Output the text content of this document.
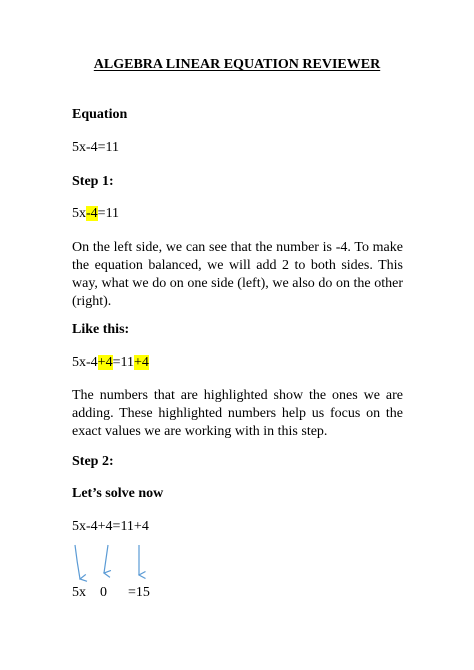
ALGEBRA LINEAR EQUATION REVIEWER

Equation

5x-4=11

Step 1:

5x-4=11

On the left side, we can see that the number is -4. To make the equation balanced, we will add 2 to both sides. This way, what we do on one side (left), we also do on the other (right).

Like this:

5x-4+4=11+4

The numbers that are highlighted show the ones we are adding. These highlighted numbers help us focus on the exact values we are working with in this step.

Step 2:

Let’s solve now

5x-4+4=11+4

5x 0 =15
